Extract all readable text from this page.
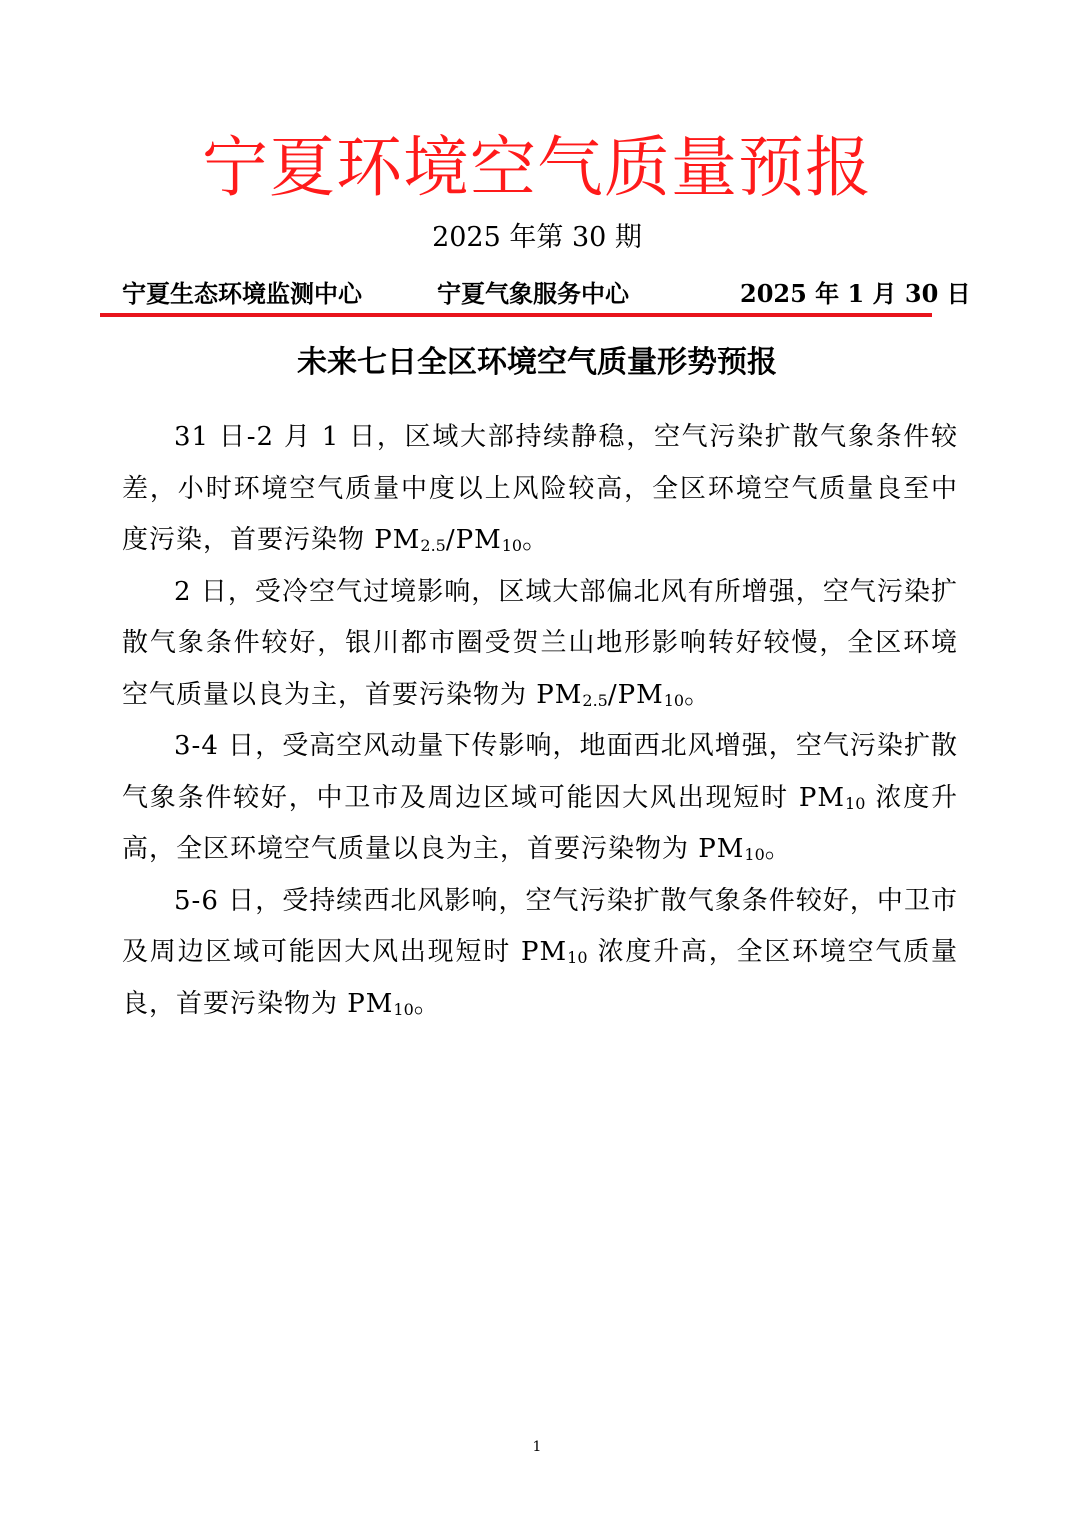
宁夏环境空气质量预报
2025 年第 30 期
宁夏生态环境监测中心	宁夏气象服务中心	2025 年 1 月 30 日
未来七日全区环境空气质量形势预报

31 日-2 月 1 日，区域大部持续静稳，空气污染扩散气象条件较差，小时环境空气质量中度以上风险较高，全区环境空气质量良至中度污染，首要污染物 $PM_{2.5}/PM_{10}$。

2 日，受冷空气过境影响，区域大部偏北风有所增强，空气污染扩散气象条件较好，银川都市圈受贺兰山地形影响转好较慢，全区环境空气质量以良为主，首要污染物为 $PM_{2.5}/PM_{10}$。

3-4 日，受高空风动量下传影响，地面西北风增强，空气污染扩散气象条件较好，中卫市及周边区域可能因大风出现短时 $PM_{10}$ 浓度升高，全区环境空气质量以良为主，首要污染物为 $PM_{10}$。

5-6 日，受持续西北风影响，空气污染扩散气象条件较好，中卫市及周边区域可能因大风出现短时 $PM_{10}$ 浓度升高，全区环境空气质量良，首要污染物为 $PM_{10}$。

1
